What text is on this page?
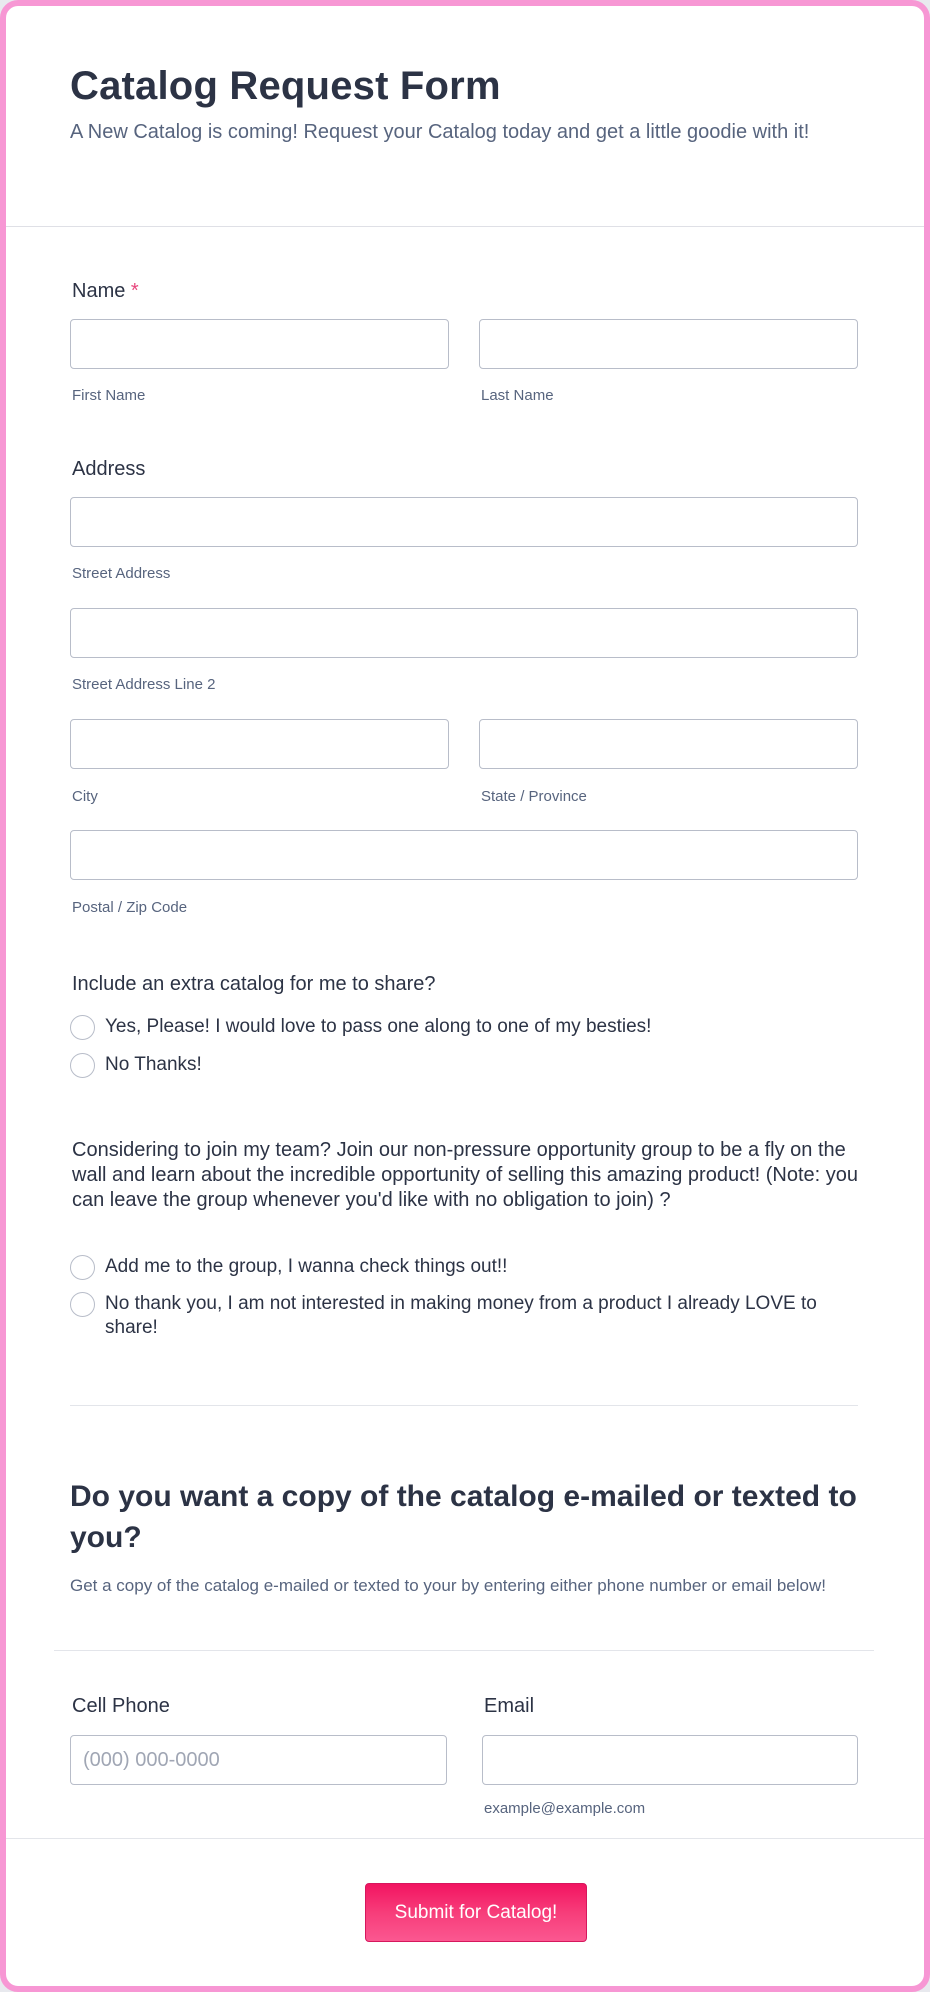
Catalog Request Form
A New Catalog is coming! Request your Catalog today and get a little goodie with it!
Name *
First Name	Last Name
Address
Street Address
Street Address Line 2
City	State / Province
Postal / Zip Code
Include an extra catalog for me to share?
Yes, Please! I would love to pass one along to one of my besties!
No Thanks!
Considering to join my team? Join our non-pressure opportunity group to be a fly on the wall and learn about the incredible opportunity of selling this amazing product! (Note: you can leave the group whenever you'd like with no obligation to join) ?
Add me to the group, I wanna check things out!!
No thank you, I am not interested in making money from a product I already LOVE to share!
Do you want a copy of the catalog e-mailed or texted to you?
Get a copy of the catalog e-mailed or texted to your by entering either phone number or email below!
Cell Phone	Email
(000) 000-0000
example@example.com
Submit for Catalog!
